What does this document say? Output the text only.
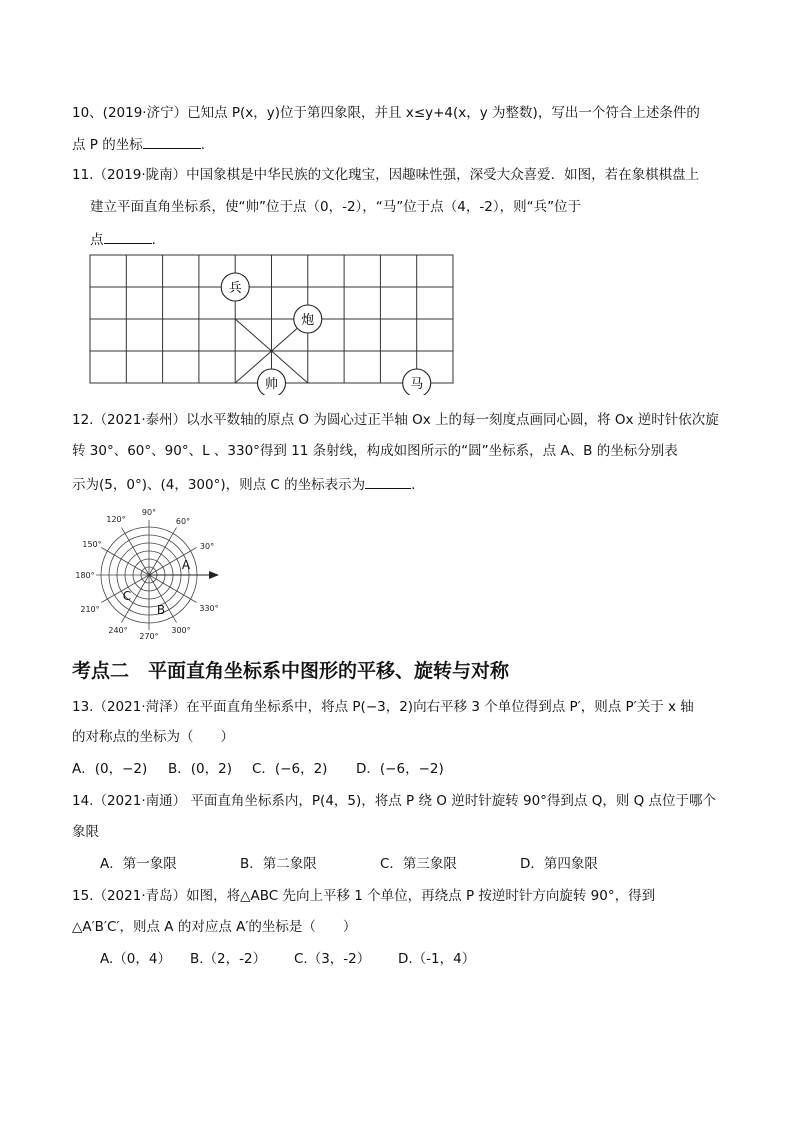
10、(2019·济宁）已知点 P(x，y)位于第四象限，并且 x≤y+4(x，y 为整数)，写出一个符合上述条件的
点 P 的坐标	.
11.（2019·陇南）中国象棋是中华民族的文化瑰宝，因趣味性强，深受大众喜爱．如图，若在象棋棋盘上
建立平面直角坐标系，使“帅”位于点（0，-2），“马”位于点（4，-2），则“兵”位于
点	.
兵
炮
帅	马
12.（2021·泰州）以水平数轴的原点 O 为圆心过正半轴 Ox 上的每一刻度点画同心圆，将 Ox 逆时针依次旋
转 30°、60°、90°、L 、330°得到 11 条射线，构成如图所示的“圆”坐标系，点 A、B 的坐标分别表
示为(5，0°)、(4，300°)，则点 C 的坐标表示为	.
90°
60°
30°
330°
300°
270°
240°
210°
180°
150°
120°
A
B
C
考点二　平面直角坐标系中图形的平移、旋转与对称
13.（2021·菏泽）在平面直角坐标系中，将点 P(−3，2)向右平移 3 个单位得到点 P′，则点 P′关于 x 轴
的对称点的坐标为（　　）
A．(0，−2) B．(0，2) C．(−6，2) D．(−6，−2)
14.（2021·南通） 平面直角坐标系内，P(4，5)，将点 P 绕 O 逆时针旋转 90°得到点 Q，则 Q 点位于哪个
象限
A．第一象限	B．第二象限	C．第三象限	D．第四象限
15.（2021·青岛）如图，将△ABC 先向上平移 1 个单位，再绕点 P 按逆时针方向旋转 90°，得到
△A′B′C′，则点 A 的对应点 A′的坐标是（　　）
A.（0，4） B.（2，-2） C.（3，-2） D.（-1，4）
